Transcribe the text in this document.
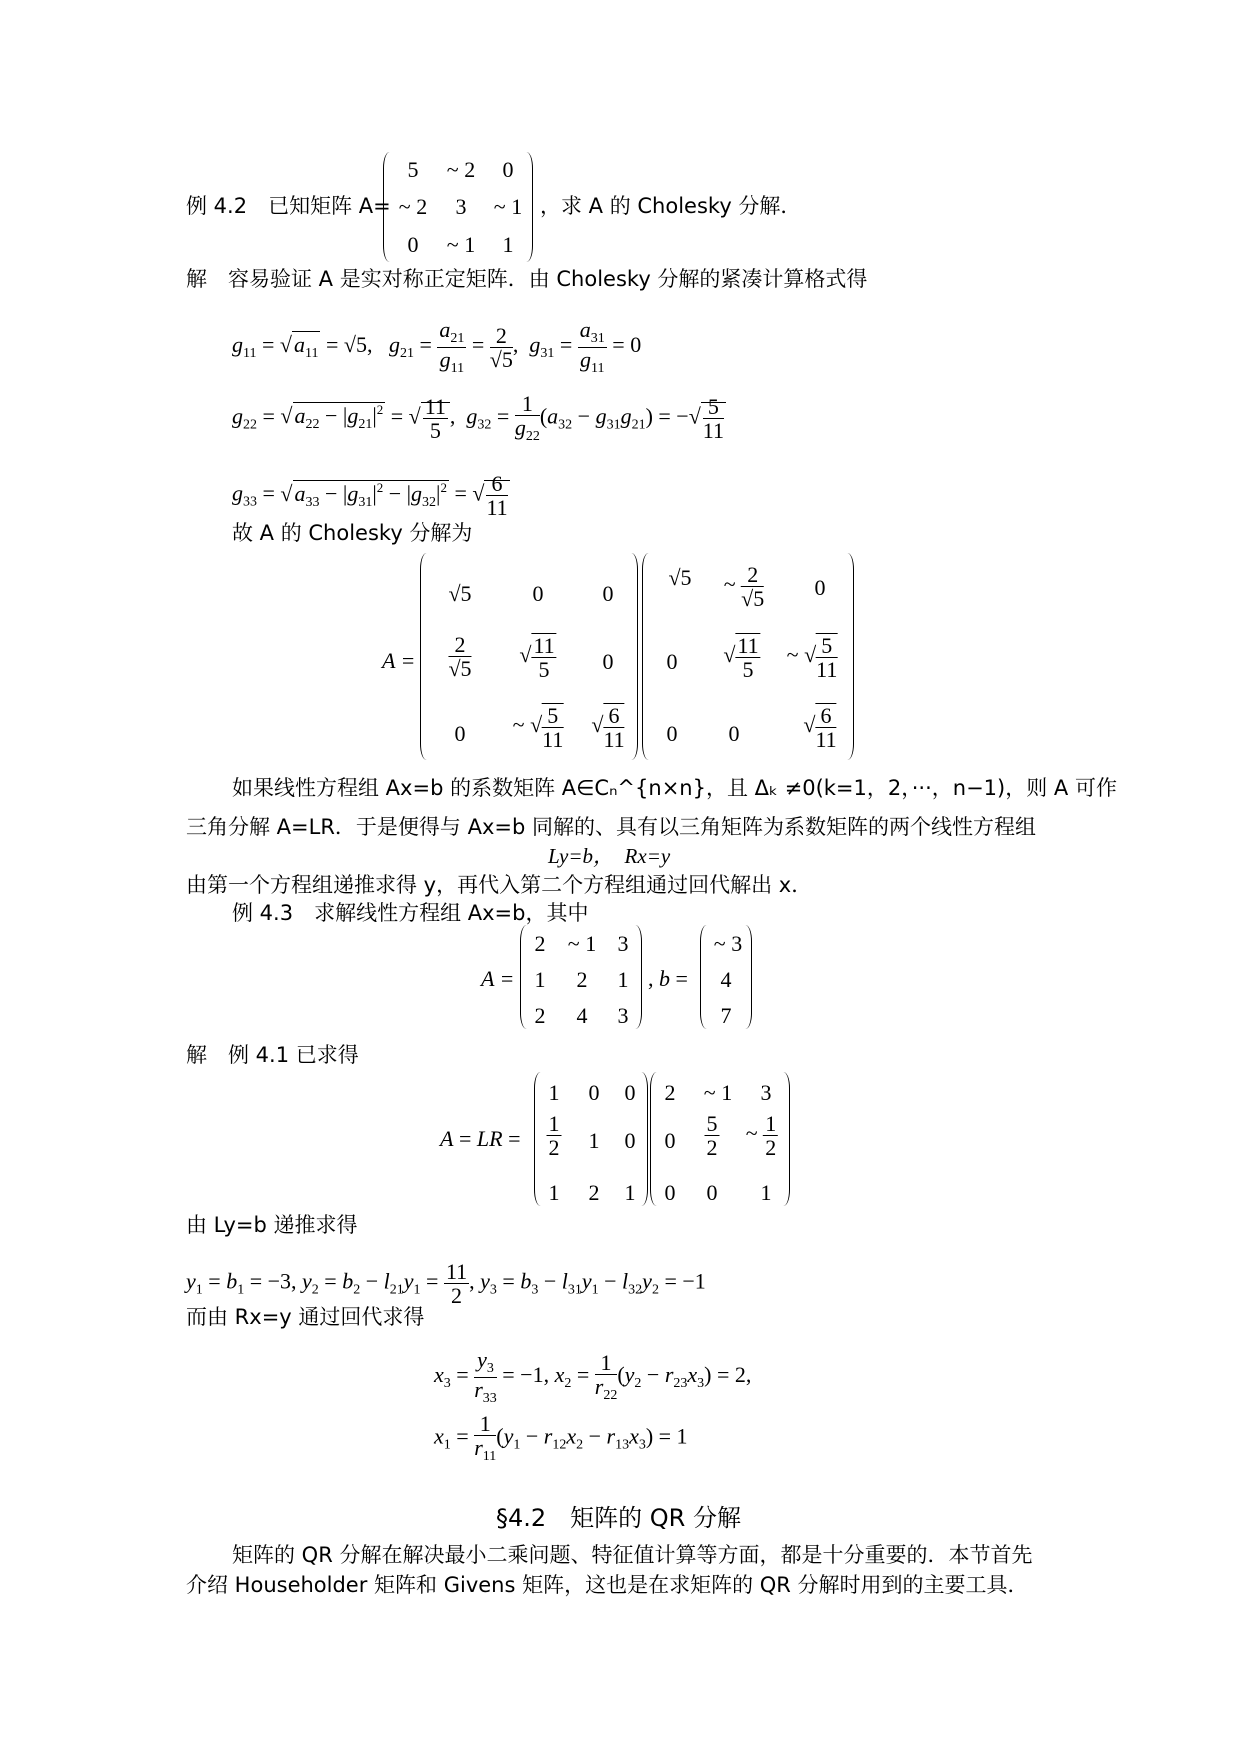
例 4.2　已知矩阵 A=
5 ~ 2 0
~ 2 3 ~ 1
0 ~ 1 1
，求 A 的 Cholesky 分解．
解　容易验证 A 是实对称正定矩阵．由 Cholesky 分解的紧凑计算格式得
$g_{11} = √a_{11} = √5$,   $g_{21} = \frac{a_{21}}{g_{11}} = \frac{2}{√5}$ ,  $g_{31} = \frac{a_{31}}{g_{11}} = 0$
$g_{22} = √a_{22} - |g_{21}|^2$ = √ $\frac{11}{5}$ ,  $g_{32} = \frac{1}{g_{22}} (a_{32} - g_{31}g_{21})$ = −√ $\frac{5}{11}$
$g_{33} = √a_{33} - |g_{31}|^2 - |g_{32}|^2$ = √ $\frac{6}{11}$
故 A 的 Cholesky 分解为
A =
√5	0	0
$\frac{2}{√5}$ √ $\frac{11}{5} 0$
0 ~ √ $\frac{5}{11}$ √ $\frac{6}{11}$
√5 ~ $\frac{2}{√5} 0$
0 √ $\frac{11}{5}$ ~ √ $\frac{5}{11}$
0 0	√ $\frac{6}{11}$
如果线性方程组 Ax=b 的系数矩阵 A∈Cₙ^{n×n}，且 Δₖ ≠0(k=1，2，···，n−1)，则 A 可作
三角分解 A=LR．于是便得与 Ax=b 同解的、具有以三角矩阵为系数矩阵的两个线性方程组
Ly=b，　Rx=y
由第一个方程组递推求得 y，再代入第二个方程组通过回代解出 x．
例 4.3　求解线性方程组 Ax=b，其中
A =
2 ~ 1 3
1 2 1
2 4 3
, b =
~ 3
4
7
解　例 4.1 已求得
A = LR =
1 0 0
$\frac{1}{2} 1$ 0
1 2 1
2 ~ 1 3
$0 \frac{5}{2}$ ~ $\frac{1}{2}$
0 0 1
由 Ly=b 递推求得
$y_1 = b_1 = -3$, $y_2 = b_2 - l_{21}y_1 = \frac{11}{2}$ , $y_3 = b_3 - l_{31}y_1 - l_{32}y_2 = -1$
而由 Rx=y 通过回代求得
$x_3 = \frac{y_3}{r_{33}} = -1$, $x_2 = \frac{1}{r_{22}} (y_2 - r_{23}x_3) = 2$,
$x_1 = \frac{1}{r_{11}} (y_1 - r_{12}x_2 - r_{13}x_3) = 1$
§4.2　矩阵的 QR 分解
矩阵的 QR 分解在解决最小二乘问题、特征值计算等方面，都是十分重要的．本节首先
介绍 Householder 矩阵和 Givens 矩阵，这也是在求矩阵的 QR 分解时用到的主要工具．
